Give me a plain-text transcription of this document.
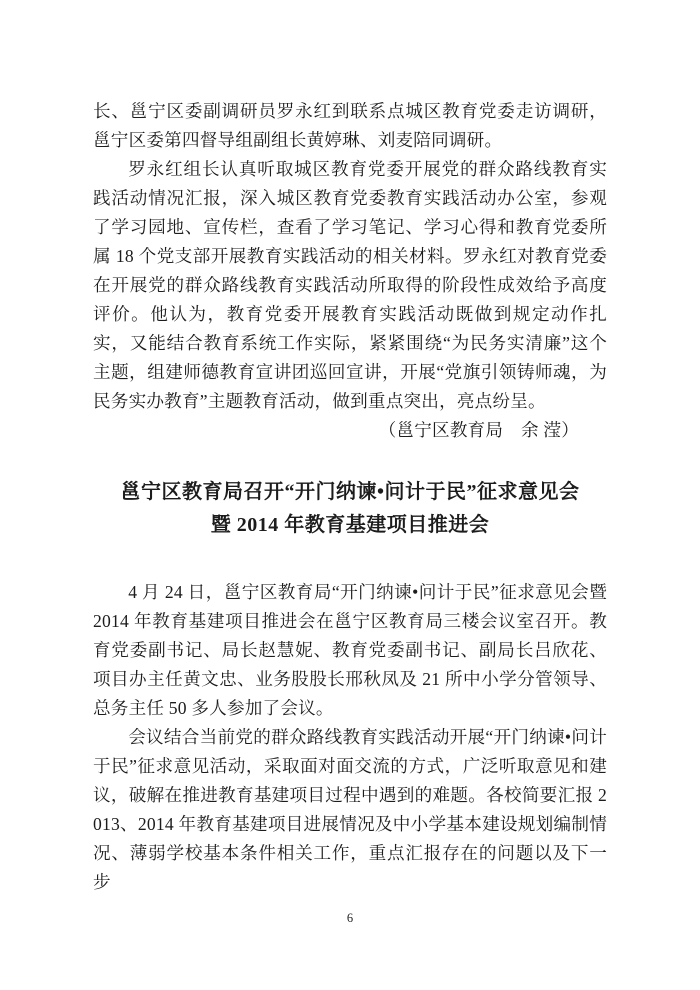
长、邕宁区委副调研员罗永红到联系点城区教育党委走访调研，邕宁区委第四督导组副组长黄婷琳、刘麦陪同调研。

罗永红组长认真听取城区教育党委开展党的群众路线教育实践活动情况汇报，深入城区教育党委教育实践活动办公室，参观了学习园地、宣传栏，查看了学习笔记、学习心得和教育党委所属 18 个党支部开展教育实践活动的相关材料。罗永红对教育党委在开展党的群众路线教育实践活动所取得的阶段性成效给予高度评价。他认为，教育党委开展教育实践活动既做到规定动作扎实，又能结合教育系统工作实际，紧紧围绕“为民务实清廉”这个主题，组建师德教育宣讲团巡回宣讲，开展“党旗引领铸师魂，为民务实办教育”主题教育活动，做到重点突出，亮点纷呈。

（邕宁区教育局　余 滢）

邕宁区教育局召开“开门纳谏•问计于民”征求意见会
暨 2014 年教育基建项目推进会

4 月 24 日，邕宁区教育局“开门纳谏•问计于民”征求意见会暨 2014 年教育基建项目推进会在邕宁区教育局三楼会议室召开。教育党委副书记、局长赵慧妮、教育党委副书记、副局长吕欣花、项目办主任黄文忠、业务股股长邢秋凤及 21 所中小学分管领导、总务主任 50 多人参加了会议。

会议结合当前党的群众路线教育实践活动开展“开门纳谏•问计于民”征求意见活动，采取面对面交流的方式，广泛听取意见和建议，破解在推进教育基建项目过程中遇到的难题。各校简要汇报 2013、2014 年教育基建项目进展情况及中小学基本建设规划编制情况、薄弱学校基本条件相关工作，重点汇报存在的问题以及下一步

6
